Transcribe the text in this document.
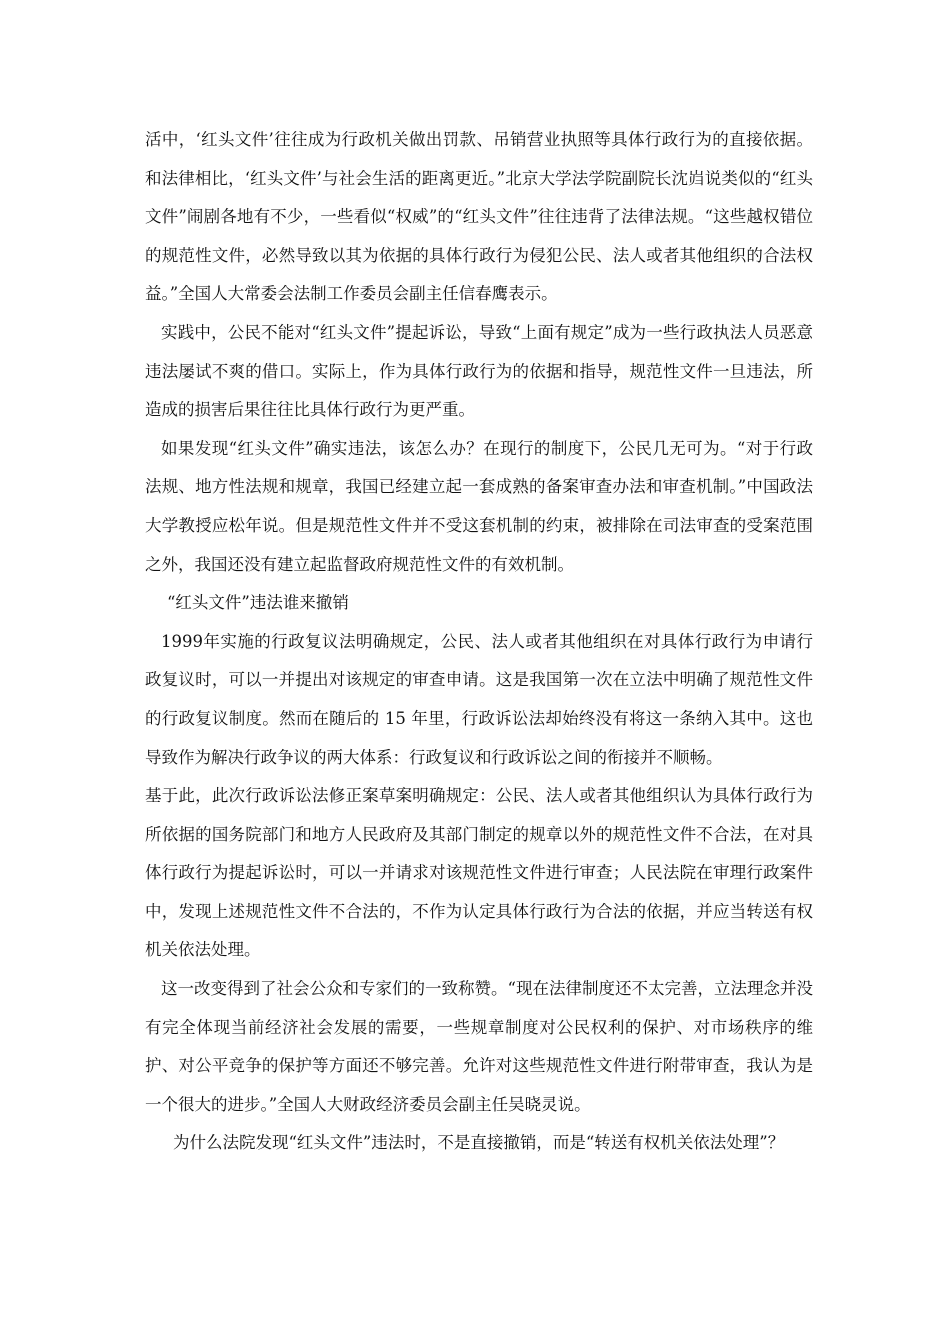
活中，‘红头文件’往往成为行政机关做出罚款、吊销营业执照等具体行政行为的直接依据。和法律相比，‘红头文件’与社会生活的距离更近。”北京大学法学院副院长沈岿说类似的“红头文件”闹剧各地有不少，一些看似“权威”的“红头文件”往往违背了法律法规。“这些越权错位的规范性文件，必然导致以其为依据的具体行政行为侵犯公民、法人或者其他组织的合法权益。”全国人大常委会法制工作委员会副主任信春鹰表示。

实践中，公民不能对“红头文件”提起诉讼，导致“上面有规定”成为一些行政执法人员恶意违法屡试不爽的借口。实际上，作为具体行政行为的依据和指导，规范性文件一旦违法，所造成的损害后果往往比具体行政行为更严重。

如果发现“红头文件”确实违法，该怎么办？在现行的制度下，公民几无可为。“对于行政法规、地方性法规和规章，我国已经建立起一套成熟的备案审查办法和审查机制。”中国政法大学教授应松年说。但是规范性文件并不受这套机制的约束，被排除在司法审查的受案范围之外，我国还没有建立起监督政府规范性文件的有效机制。

“红头文件”违法谁来撤销

1999年实施的行政复议法明确规定，公民、法人或者其他组织在对具体行政行为申请行政复议时，可以一并提出对该规定的审查申请。这是我国第一次在立法中明确了规范性文件的行政复议制度。然而在随后的 15 年里，行政诉讼法却始终没有将这一条纳入其中。这也导致作为解决行政争议的两大体系：行政复议和行政诉讼之间的衔接并不顺畅。

基于此，此次行政诉讼法修正案草案明确规定：公民、法人或者其他组织认为具体行政行为所依据的国务院部门和地方人民政府及其部门制定的规章以外的规范性文件不合法，在对具体行政行为提起诉讼时，可以一并请求对该规范性文件进行审查；人民法院在审理行政案件中，发现上述规范性文件不合法的，不作为认定具体行政行为合法的依据，并应当转送有权机关依法处理。

这一改变得到了社会公众和专家们的一致称赞。“现在法律制度还不太完善，立法理念并没有完全体现当前经济社会发展的需要，一些规章制度对公民权利的保护、对市场秩序的维护、对公平竞争的保护等方面还不够完善。允许对这些规范性文件进行附带审查，我认为是一个很大的进步。”全国人大财政经济委员会副主任吴晓灵说。

为什么法院发现“红头文件”违法时，不是直接撤销，而是“转送有权机关依法处理”？
